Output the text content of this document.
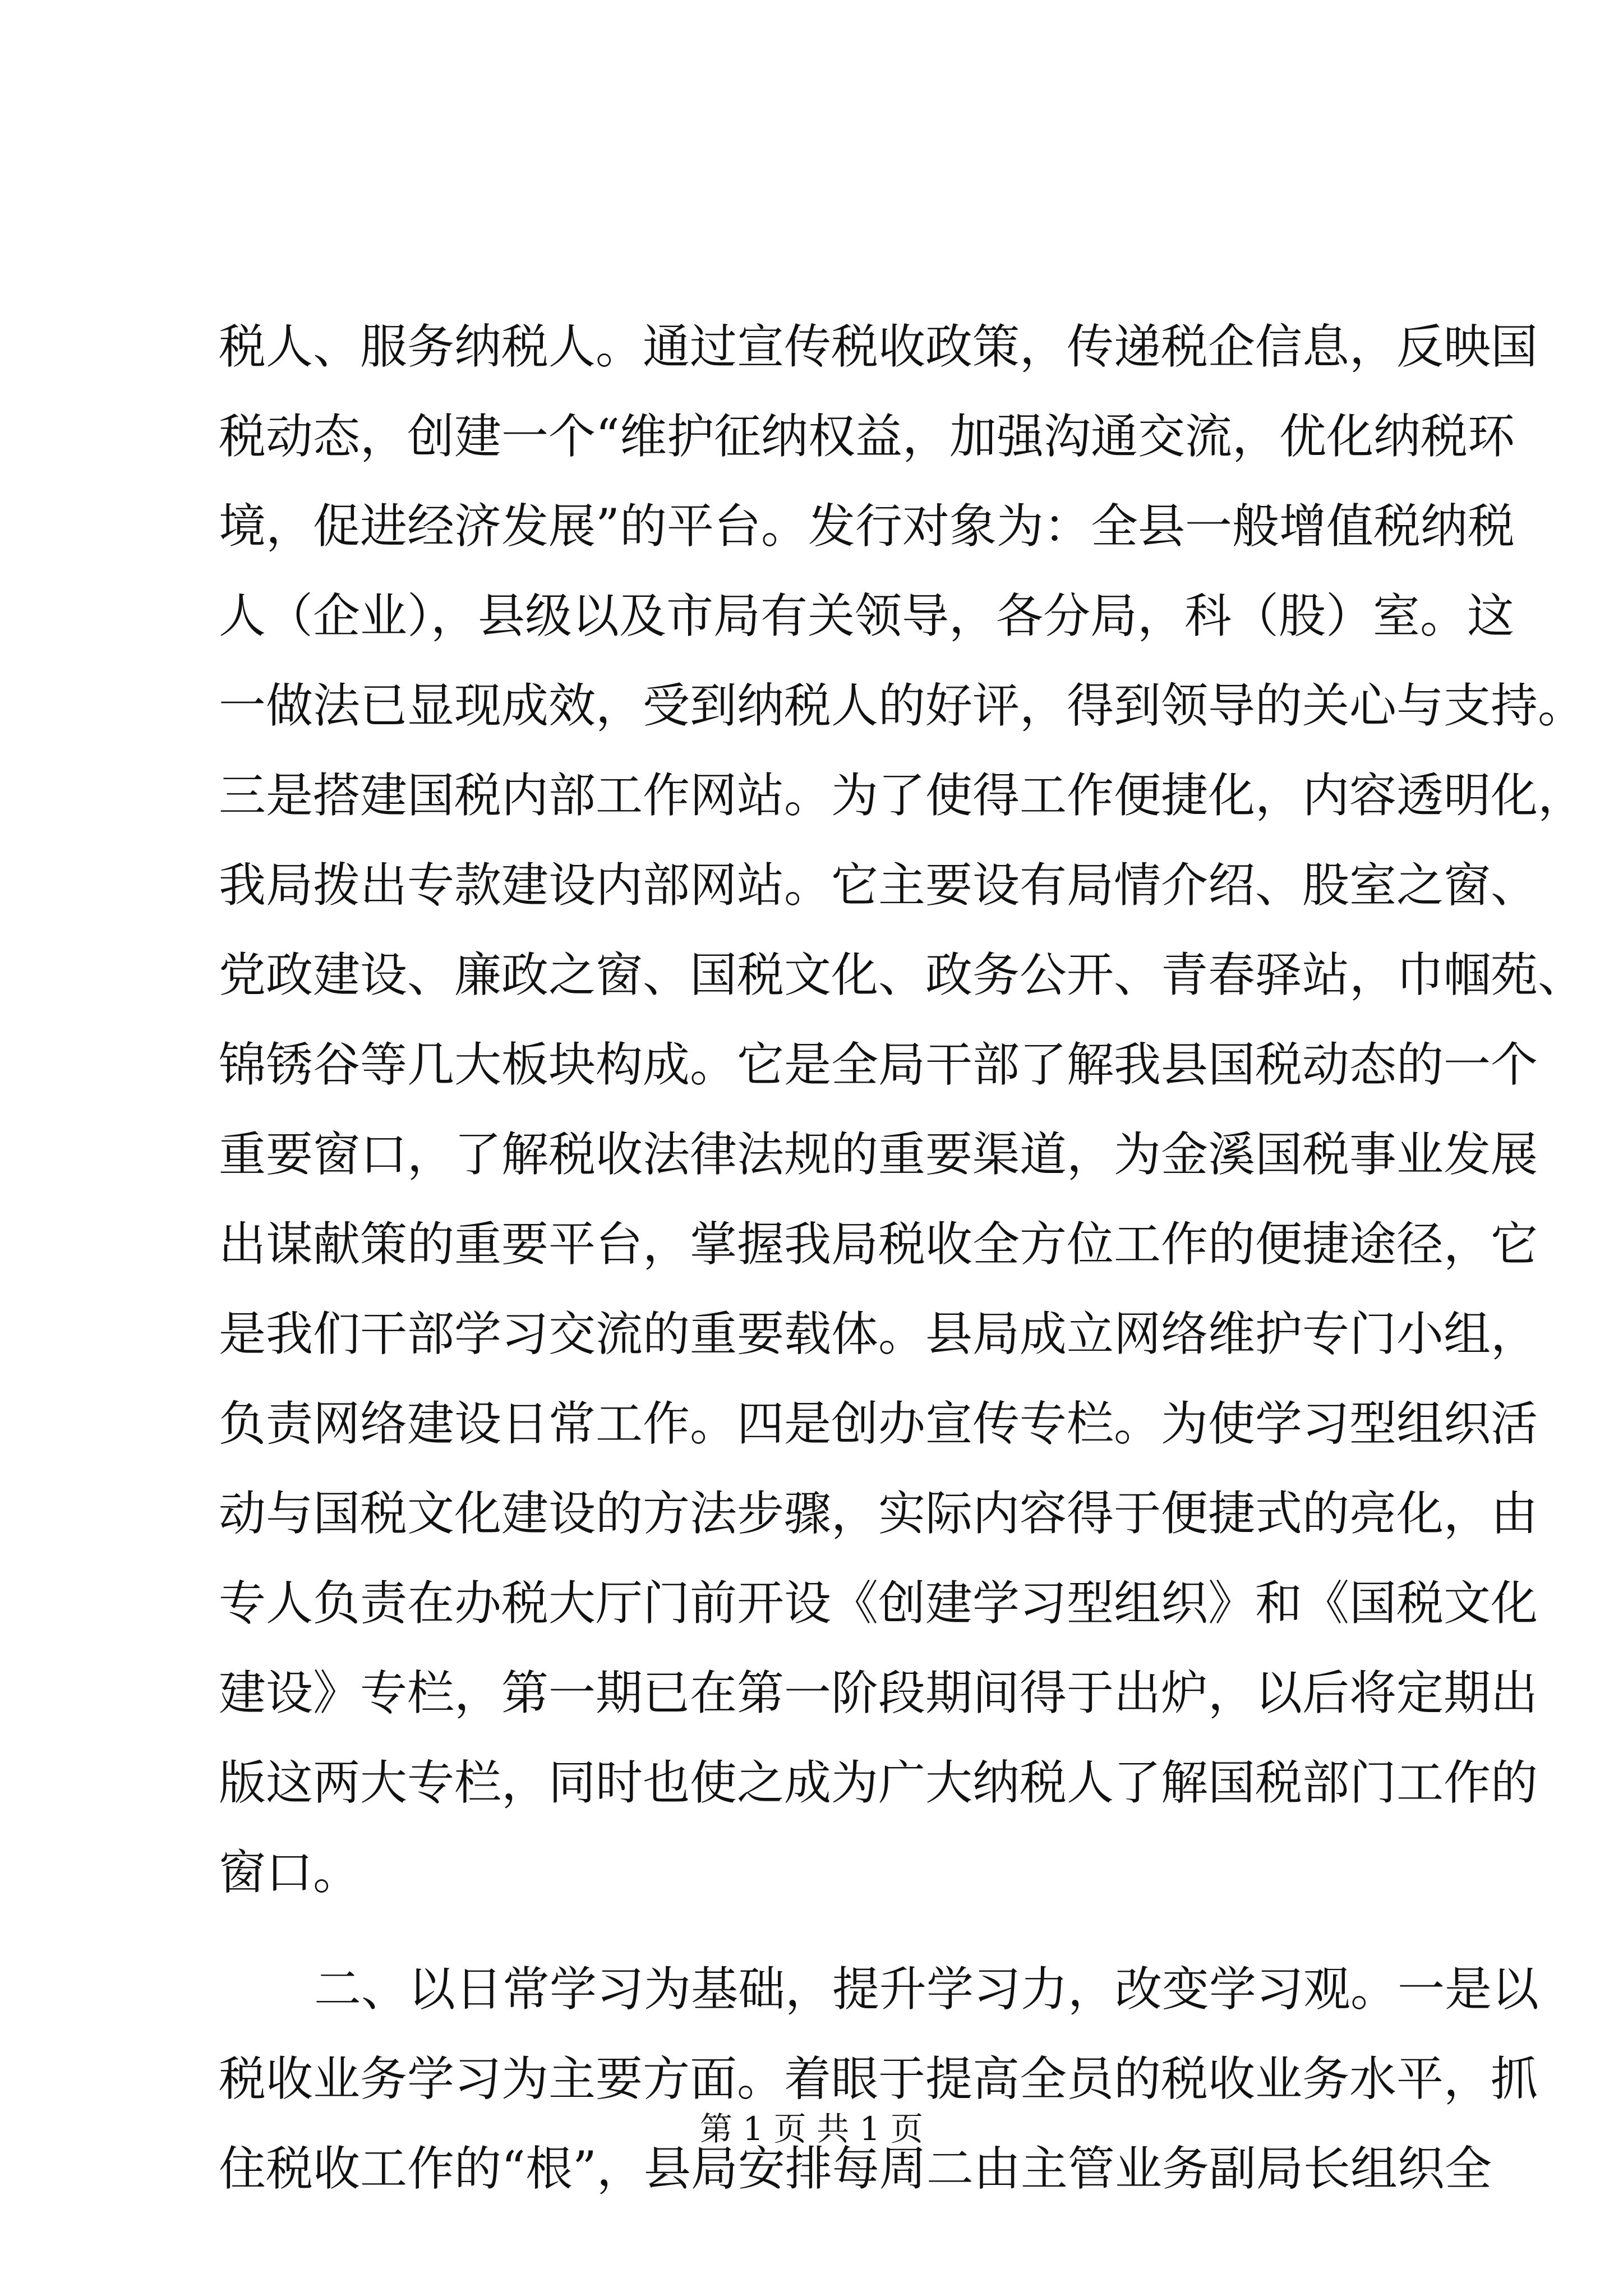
税人、服务纳税人。通过宣传税收政策，传递税企信息，反映国
税动态，创建一个“维护征纳权益，加强沟通交流，优化纳税环
境，促进经济发展”的平台。发行对象为：全县一般增值税纳税
人（企业），县级以及市局有关领导，各分局，科（股）室。这
一做法已显现成效，受到纳税人的好评，得到领导的关心与支持。
三是搭建国税内部工作网站。为了使得工作便捷化，内容透明化，
我局拨出专款建设内部网站。它主要设有局情介绍、股室之窗、
党政建设、廉政之窗、国税文化、政务公开、青春驿站，巾帼苑、
锦锈谷等几大板块构成。它是全局干部了解我县国税动态的一个
重要窗口，了解税收法律法规的重要渠道，为金溪国税事业发展
出谋献策的重要平台，掌握我局税收全方位工作的便捷途径，它
是我们干部学习交流的重要载体。县局成立网络维护专门小组，
负责网络建设日常工作。四是创办宣传专栏。为使学习型组织活
动与国税文化建设的方法步骤，实际内容得于便捷式的亮化，由
专人负责在办税大厅门前开设《创建学习型组织》和《国税文化
建设》专栏，第一期已在第一阶段期间得于出炉，以后将定期出
版这两大专栏，同时也使之成为广大纳税人了解国税部门工作的
窗口。
二、以日常学习为基础，提升学习力，改变学习观。一是以
税收业务学习为主要方面。着眼于提高全员的税收业务水平，抓
住税收工作的“根”，县局安排每周二由主管业务副局长组织全
第 1 页 共 1 页
